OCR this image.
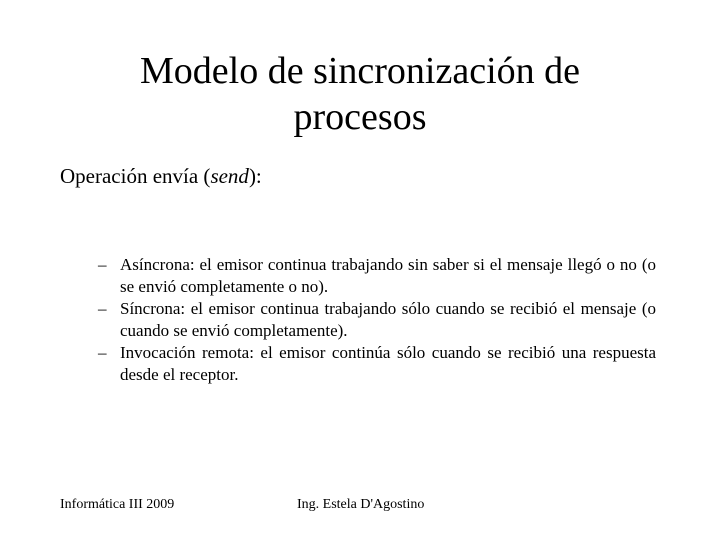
Modelo de sincronización de
procesos

Operación envía (send):

– Asíncrona: el emisor continua trabajando sin saber si el mensaje llegó o no (o se envió completamente o no).
– Síncrona: el emisor continua trabajando sólo cuando se recibió el mensaje (o cuando se envió completamente).
– Invocación remota: el emisor continúa sólo cuando se recibió una respuesta desde el receptor.
Informática III 2009	Ing. Estela D'Agostino
